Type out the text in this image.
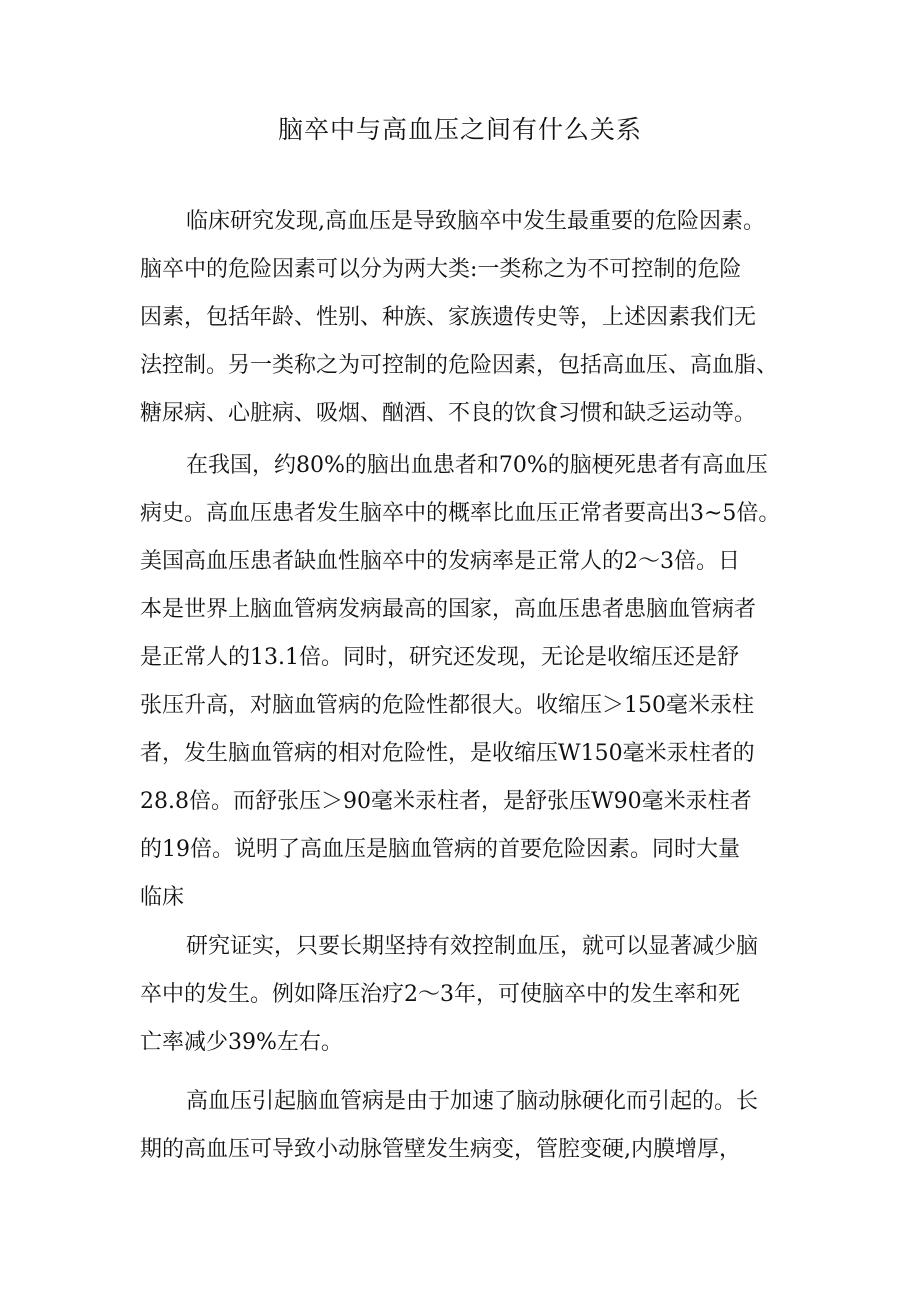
脑卒中与高血压之间有什么关系
临床研究发现,高血压是导致脑卒中发生最重要的危险因素。
脑卒中的危险因素可以分为两大类:一类称之为不可控制的危险
因素，包括年龄、性别、种族、家族遗传史等，上述因素我们无
法控制。另一类称之为可控制的危险因素，包括高血压、高血脂、
糖尿病、心脏病、吸烟、酗酒、不良的饮食习惯和缺乏运动等。
在我国，约80%的脑出血患者和70%的脑梗死患者有高血压
病史。高血压患者发生脑卒中的概率比血压正常者要高出3~5倍。
美国高血压患者缺血性脑卒中的发病率是正常人的2～3倍。日
本是世界上脑血管病发病最高的国家，高血压患者患脑血管病者
是正常人的13.1倍。同时，研究还发现，无论是收缩压还是舒
张压升高，对脑血管病的危险性都很大。收缩压＞150毫米汞柱
者，发生脑血管病的相对危险性，是收缩压W150毫米汞柱者的
28.8倍。而舒张压＞90毫米汞柱者，是舒张压W90毫米汞柱者
的19倍。说明了高血压是脑血管病的首要危险因素。同时大量
临床
研究证实，只要长期坚持有效控制血压，就可以显著减少脑
卒中的发生。例如降压治疗2～3年，可使脑卒中的发生率和死
亡率减少39%左右。
高血压引起脑血管病是由于加速了脑动脉硬化而引起的。长
期的高血压可导致小动脉管壁发生病变，管腔变硬,内膜增厚，
